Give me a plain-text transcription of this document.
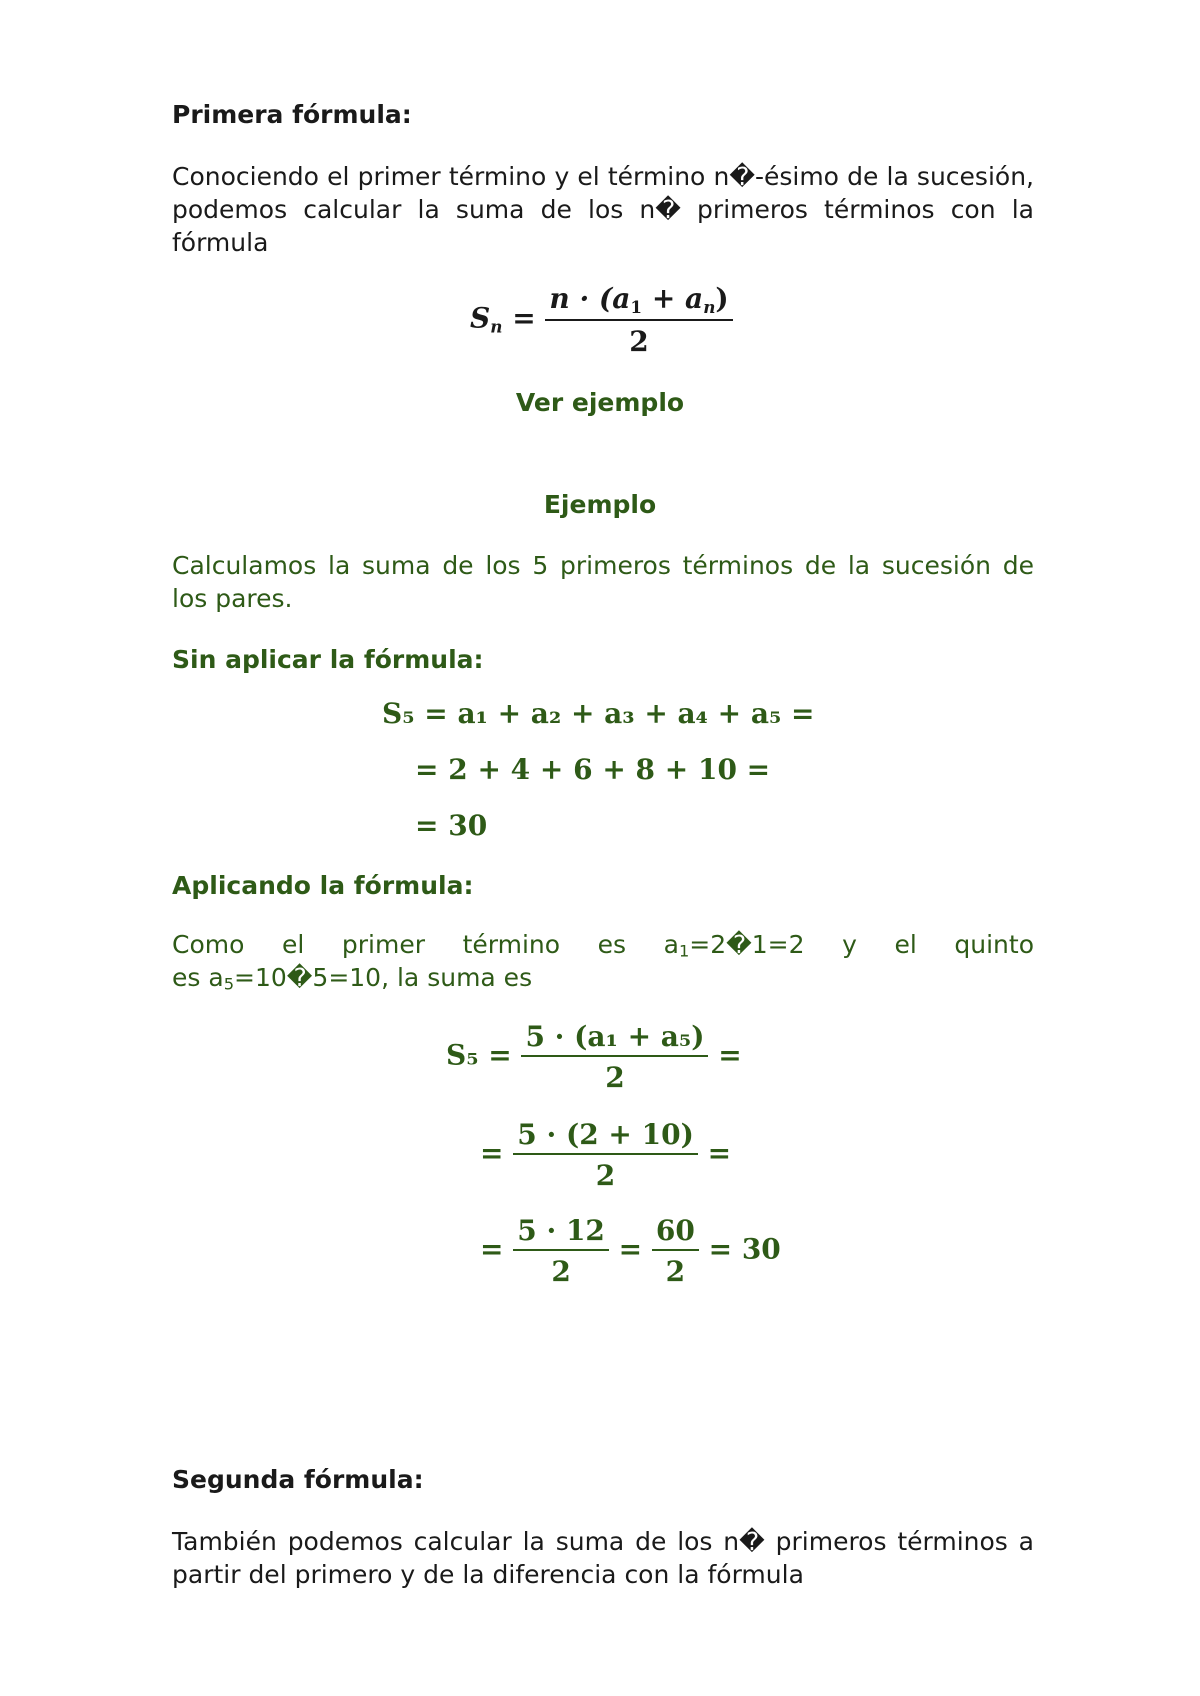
Primera fórmula:
Conociendo el primer término y el término n�-ésimo de la sucesión, podemos calcular la suma de los n� primeros términos con la fórmula
$S_n = \frac{n \cdot (a_1 + a_n)}{2}$
Ver ejemplo
Ejemplo
Calculamos la suma de los 5 primeros términos de la sucesión de los pares.
Sin aplicar la fórmula:
S₅ = a₁ + a₂ + a₃ + a₄ + a₅ =
= 2 + 4 + 6 + 8 + 10 =
= 30
Aplicando la fórmula:
Como el primer término es a1=2�1=2 y el quinto
es a5=10�5=10, la suma es
$S_5 = \frac{\text{5 · (a₁ + a₅)}}{2}$ =
= $\frac{5 \cdot (2 + 10)}{2}$ =
= $\frac{5 \cdot 12}{2} = \frac{60}{2} = 30$
Segunda fórmula:
También podemos calcular la suma de los n� primeros términos a partir del primero y de la diferencia con la fórmula
